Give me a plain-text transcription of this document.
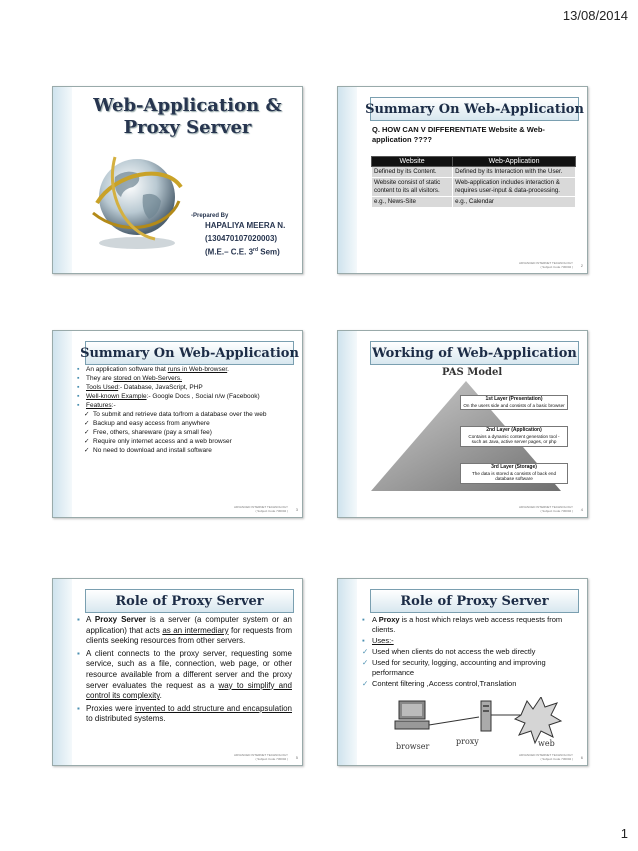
13/08/2014
Web-Application &
Proxy Server
-Prepared By
HAPALIYA MEERA N.
(130470107020003)
(M.E.– C.E. 3rd Sem)
Summary On Web-Application
Q. HOW CAN V DIFFERENTIATE Website & Web-application ????
Website	Web-Application
Defined by its Content.	Defined by its Interaction with the User.
Website consist of static content to its all visitors.	Web-application includes interaction & requires user-input & data-processing.
e.g., News-Site	e.g., Calendar
ADVANCED INTERNET TECHNOLOGY
( Subject Code 730002 ) 2
Summary On Web-Application
▪ An application software that runs in Web-browser.
▪ They are stored on Web-Servers.
▪ Tools Used:- Database, JavaScript, PHP
▪ Well-known Example:- Google Docs , Social n/w (Facebook)
▪ Features:-
✓ To submit and retrieve data to/from a database over the web
✓ Backup and easy access from anywhere
✓ Free, others, shareware (pay a small fee)
✓ Require only internet access and a web browser
✓ No need to download and install software
ADVANCED INTERNET TECHNOLOGY
( Subject Code 730002 ) 3
Working of Web-Application
PAS Model
1st Layer (Presentation)
On the users side and consists of a basic browser
2nd Layer (Application)
Contains a dynamic content generation tool - such as Java, active server pages, or php
3rd Layer (Storage)
The data is stored & consists of back end database software
ADVANCED INTERNET TECHNOLOGY
( Subject Code 730002 ) 4
Role of Proxy Server
▪ A Proxy Server is a server (a computer system or an application) that acts as an intermediary for requests from clients seeking resources from other servers.
▪ A client connects to the proxy server, requesting some service, such as a file, connection, web page, or other resource available from a different server and the proxy server evaluates the request as a way to simplify and control its complexity.
▪ Proxies were invented to add structure and encapsulation to distributed systems.
ADVANCED INTERNET TECHNOLOGY
( Subject Code 730002 ) 5
Role of Proxy Server
▪ A Proxy is a host which relays web access requests from clients.
▪ Uses:-
✓ Used when clients do not access the web directly
✓ Used for security, logging, accounting and improving performance
✓ Content filtering ,Access control,Translation
browser
proxy	web
ADVANCED INTERNET TECHNOLOGY
( Subject Code 730002 ) 6
1
